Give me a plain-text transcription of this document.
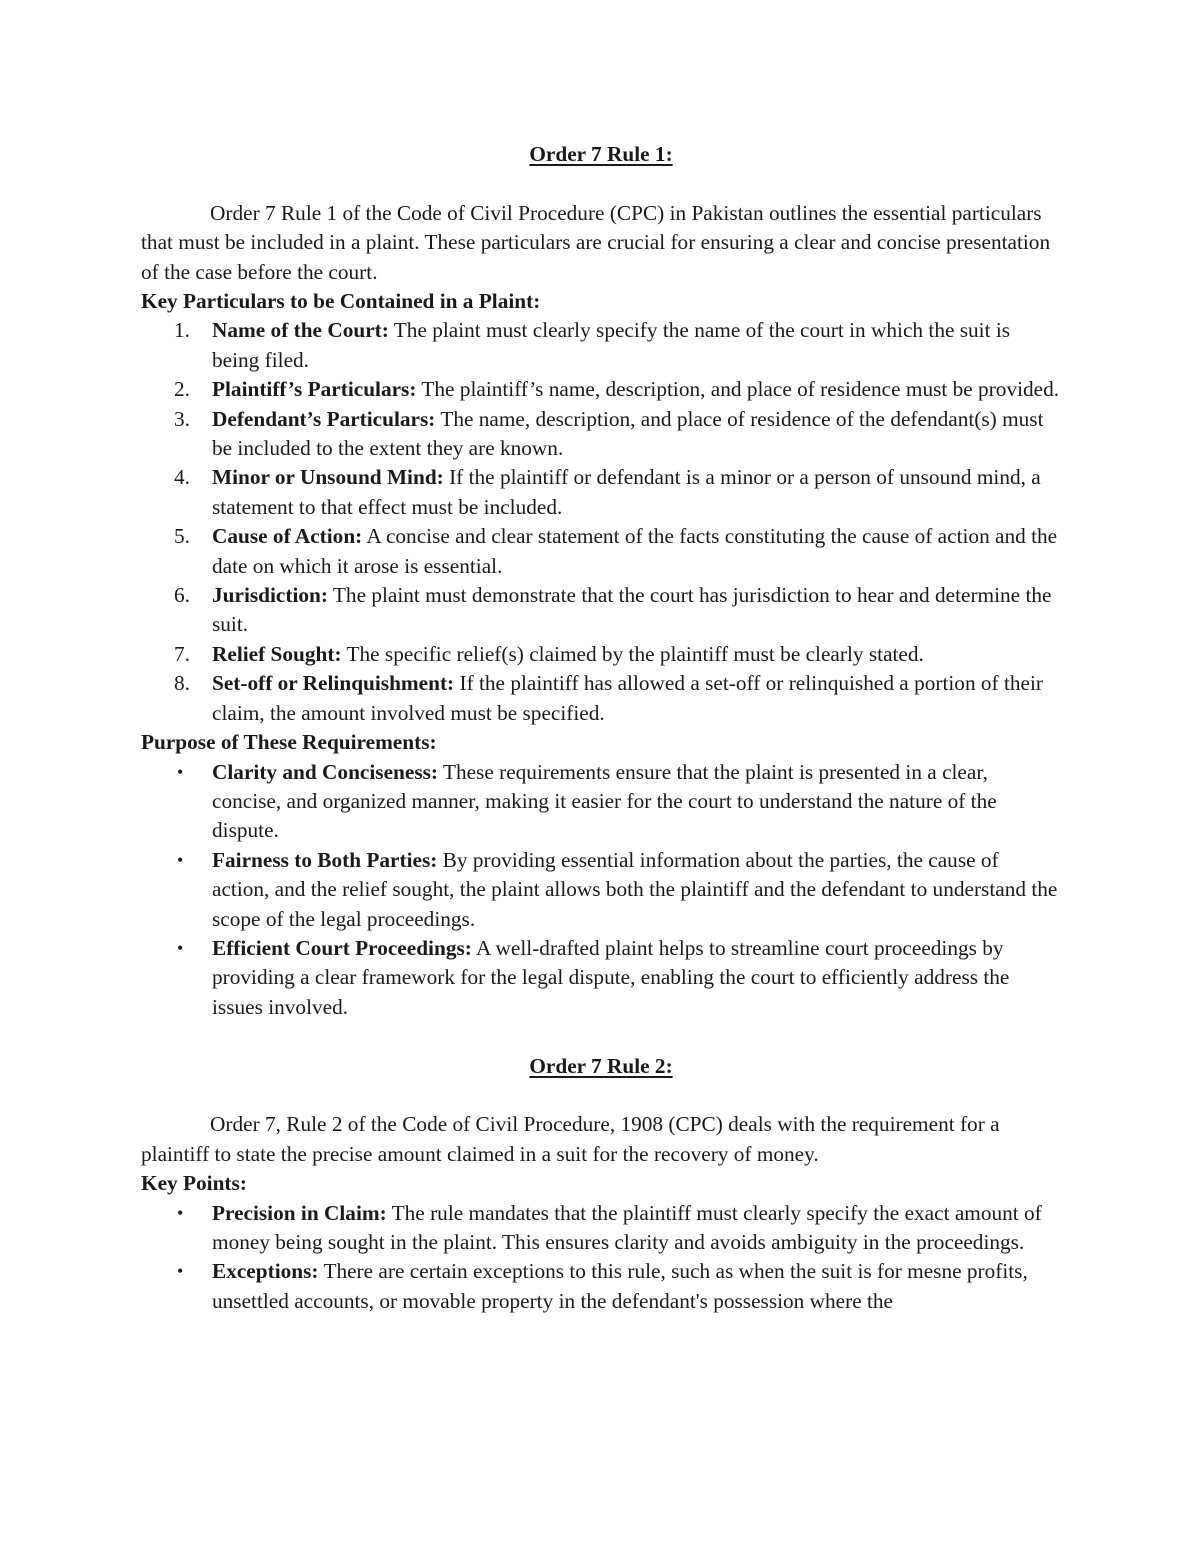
Order 7 Rule 1:

Order 7 Rule 1 of the Code of Civil Procedure (CPC) in Pakistan outlines the essential particulars that must be included in a plaint. These particulars are crucial for ensuring a clear and concise presentation of the case before the court.

Key Particulars to be Contained in a Plaint:

1.	Name of the Court: The plaint must clearly specify the name of the court in which the suit is being filed.
2.	Plaintiff’s Particulars: The plaintiff’s name, description, and place of residence must be provided.
3.	Defendant’s Particulars: The name, description, and place of residence of the defendant(s) must be included to the extent they are known.
4.	Minor or Unsound Mind: If the plaintiff or defendant is a minor or a person of unsound mind, a statement to that effect must be included.
5.	Cause of Action: A concise and clear statement of the facts constituting the cause of action and the date on which it arose is essential.
6.	Jurisdiction: The plaint must demonstrate that the court has jurisdiction to hear and determine the suit.
7.	Relief Sought: The specific relief(s) claimed by the plaintiff must be clearly stated.
8.	Set-off or Relinquishment: If the plaintiff has allowed a set-off or relinquished a portion of their claim, the amount involved must be specified.

Purpose of These Requirements:

•	Clarity and Conciseness: These requirements ensure that the plaint is presented in a clear, concise, and organized manner, making it easier for the court to understand the nature of the dispute.
•	Fairness to Both Parties: By providing essential information about the parties, the cause of action, and the relief sought, the plaint allows both the plaintiff and the defendant to understand the scope of the legal proceedings.
•	Efficient Court Proceedings: A well-drafted plaint helps to streamline court proceedings by providing a clear framework for the legal dispute, enabling the court to efficiently address the issues involved.
Order 7 Rule 2:

Order 7, Rule 2 of the Code of Civil Procedure, 1908 (CPC) deals with the requirement for a plaintiff to state the precise amount claimed in a suit for the recovery of money.

Key Points:

•	Precision in Claim: The rule mandates that the plaintiff must clearly specify the exact amount of money being sought in the plaint. This ensures clarity and avoids ambiguity in the proceedings.
•	Exceptions: There are certain exceptions to this rule, such as when the suit is for mesne profits, unsettled accounts, or movable property in the defendant's possession where the
